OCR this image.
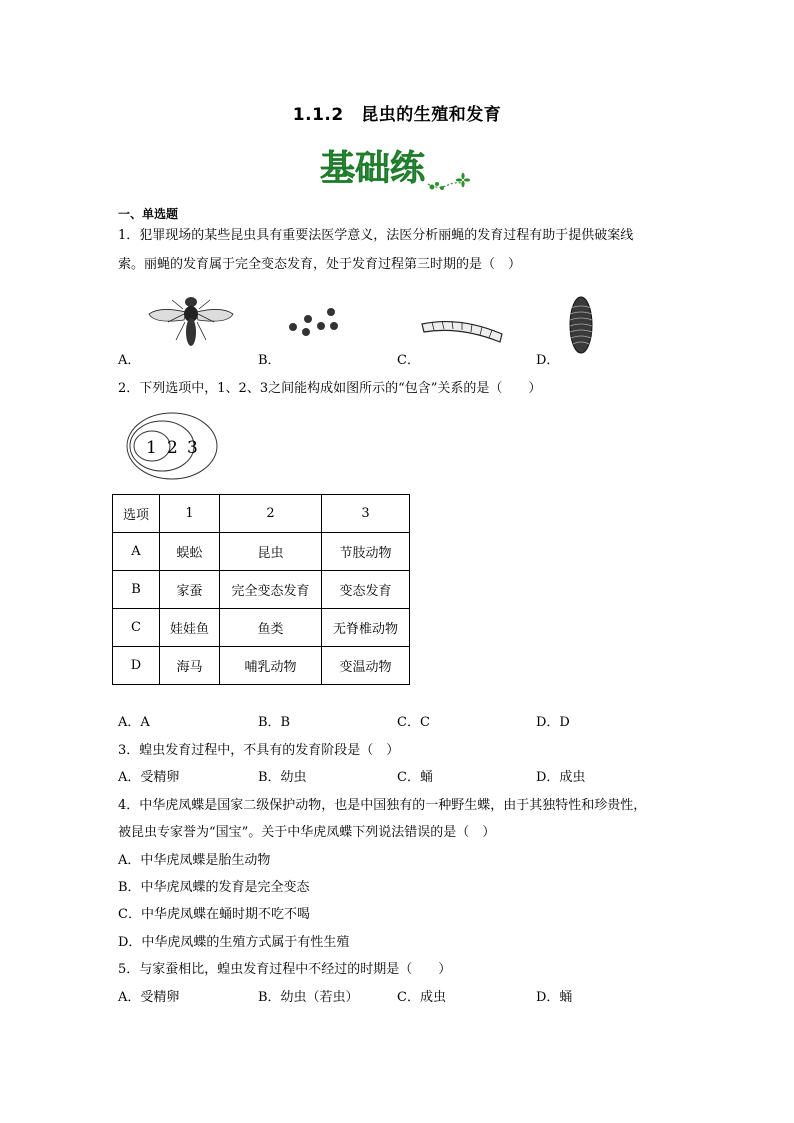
1.1.2　昆虫的生殖和发育
基础练
一、单选题
1．犯罪现场的某些昆虫具有重要法医学意义，法医分析丽蝇的发育过程有助于提供破案线
索。丽蝇的发育属于完全变态发育，处于发育过程第三时期的是（　）
A．	B．	C．	D．
2．下列选项中，1、2、3之间能构成如图所示的“包含”关系的是（　　）
1 2 3
选项	1	2	3
A	蜈蚣	昆虫	节肢动物
B	家蚕	完全变态发育	变态发育
C	娃娃鱼	鱼类	无脊椎动物
D	海马	哺乳动物	变温动物
A．A	B．B	C．C	D．D
3．蝗虫发育过程中，不具有的发育阶段是（　）
A．受精卵	B．幼虫	C．蛹	D．成虫
4．中华虎凤蝶是国家二级保护动物，也是中国独有的一种野生蝶，由于其独特性和珍贵性，
被昆虫专家誉为“国宝”。关于中华虎凤蝶下列说法错误的是（　）
A．中华虎凤蝶是胎生动物
B．中华虎凤蝶的发育是完全变态
C．中华虎凤蝶在蛹时期不吃不喝
D．中华虎凤蝶的生殖方式属于有性生殖
5．与家蚕相比，蝗虫发育过程中不经过的时期是（　　）
A．受精卵	B．幼虫（若虫）	C．成虫	D．蛹
